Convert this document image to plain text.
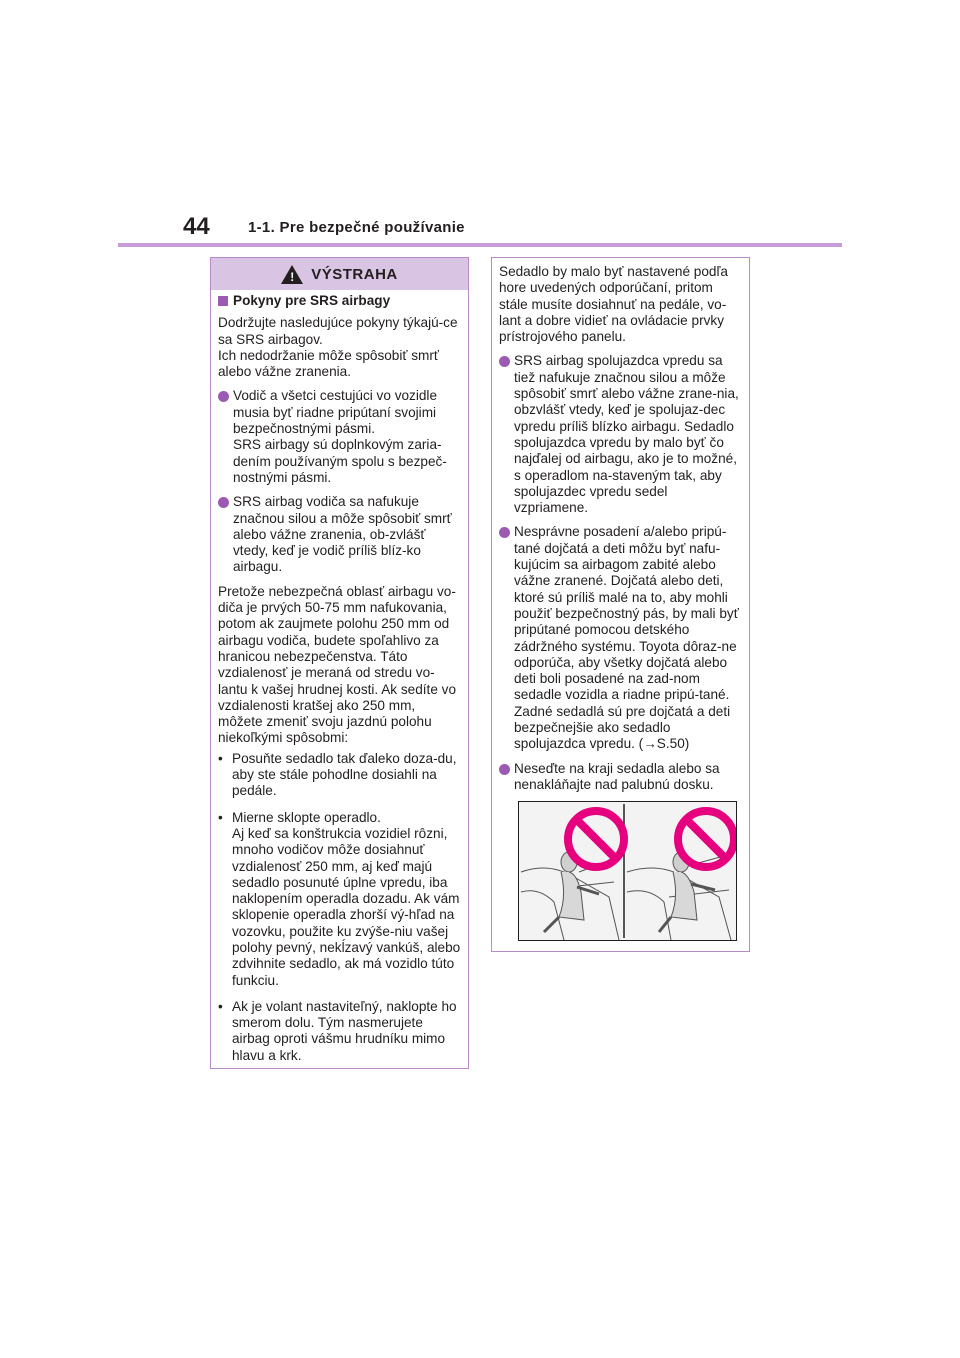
44	1-1. Pre bezpečné používanie
! VÝSTRAHA
Pokyny pre SRS airbagy

Dodržujte nasledujúce pokyny týkajú-ce sa SRS airbagov.
Ich nedodržanie môže spôsobiť smrť alebo vážne zranenia.

Vodič a všetci cestujúci vo vozidle musia byť riadne pripútaní svojimi bezpečnostnými pásmi.
SRS airbagy sú doplnkovým zaria-dením používaným spolu s bezpeč-nostnými pásmi.
SRS airbag vodiča sa nafukuje značnou silou a môže spôsobiť smrť alebo vážne zranenia, ob-zvlášť vtedy, keď je vodič príliš blíz-ko airbagu.

Pretože nebezpečná oblasť airbagu vo-diča je prvých 50-75 mm nafukovania, potom ak zaujmete polohu 250 mm od airbagu vodiča, budete spoľahlivo za hranicou nebezpečenstva. Táto vzdialenosť je meraná od stredu vo-lantu k vašej hrudnej kosti. Ak sedíte vo vzdialenosti kratšej ako 250 mm, môžete zmeniť svoju jazdnú polohu niekoľkými spôsobmi:

• Posuňte sedadlo tak ďaleko doza-du, aby ste stále pohodlne dosiahli na pedále.
• Mierne sklopte operadlo.
Aj keď sa konštrukcia vozidiel rôzni, mnoho vodičov môže dosiahnuť vzdialenosť 250 mm, aj keď majú sedadlo posunuté úplne vpredu, iba naklopením operadla dozadu. Ak vám sklopenie operadla zhorší vý-hľad na vozovku, použite ku zvýše-niu vašej polohy pevný, nekĺzavý vankúš, alebo zdvihnite sedadlo, ak má vozidlo túto funkciu.
• Ak je volant nastaviteľný, naklopte ho smerom dolu. Tým nasmerujete airbag oproti vášmu hrudníku mimo hlavu a krk.

Sedadlo by malo byť nastavené podľa hore uvedených odporúčaní, pritom stále musíte dosiahnuť na pedále, vo-lant a dobre vidieť na ovládacie prvky prístrojového panelu.

SRS airbag spolujazdca vpredu sa tiež nafukuje značnou silou a môže spôsobiť smrť alebo vážne zrane-nia, obzvlášť vtedy, keď je spolujaz-dec vpredu príliš blízko airbagu. Sedadlo spolujazdca vpredu by malo byť čo najďalej od airbagu, ako je to možné, s operadlom na-staveným tak, aby spolujazdec vpredu sedel vzpriamene.
Nesprávne posadení a/alebo pripú-tané dojčatá a deti môžu byť nafu-kujúcim sa airbagom zabité alebo vážne zranené. Dojčatá alebo deti, ktoré sú príliš malé na to, aby mohli použiť bezpečnostný pás, by mali byť pripútané pomocou detského zádržného systému. Toyota dôraz-ne odporúča, aby všetky dojčatá alebo deti boli posadené na zad-nom sedadle vozidla a riadne pripú-tané. Zadné sedadlá sú pre dojčatá a deti bezpečnejšie ako sedadlo spolujazdca vpredu. (→S.50)
Neseďte na kraji sedadla alebo sa nenakláňajte nad palubnú dosku.
